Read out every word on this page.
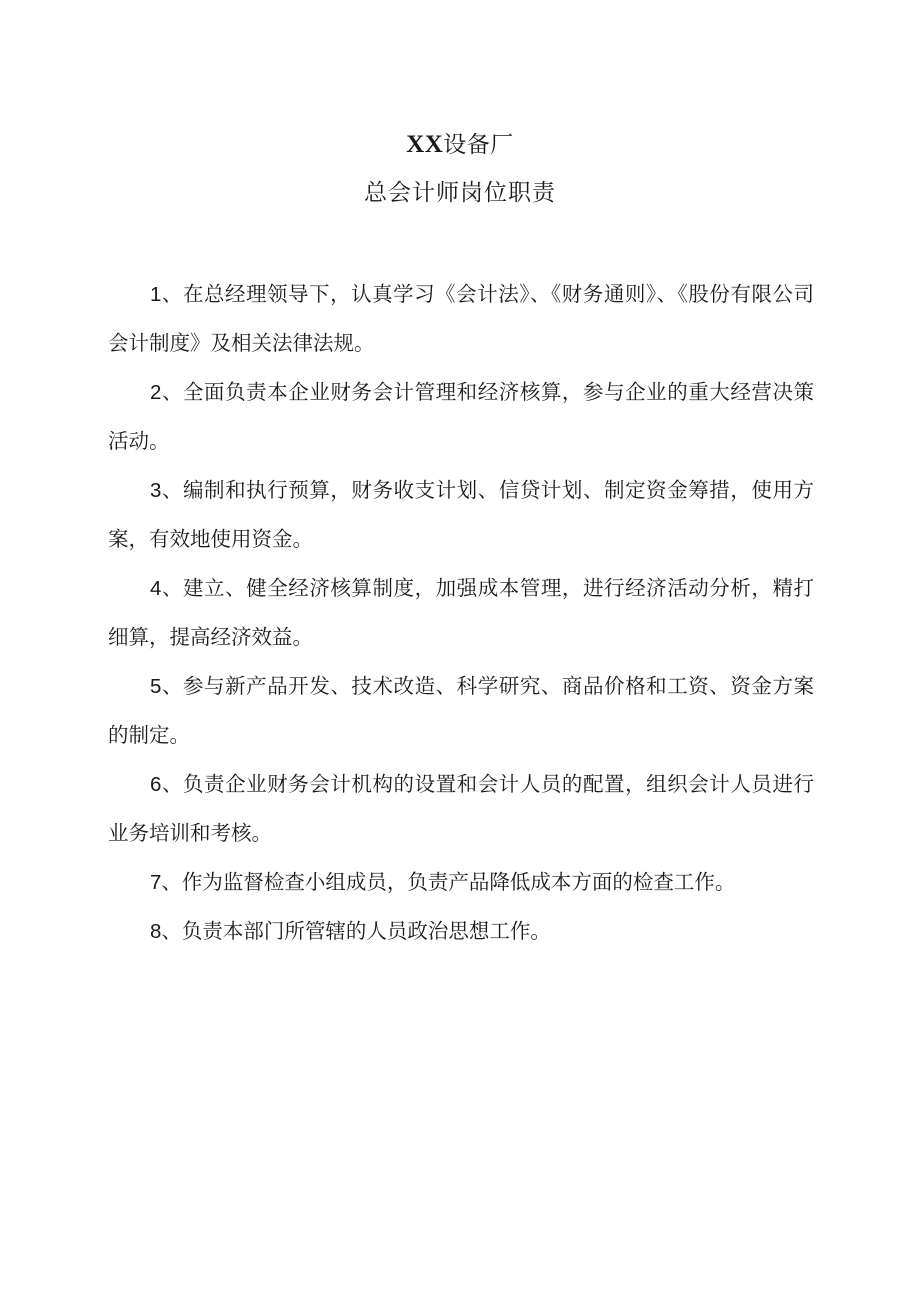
XX设备厂
总会计师岗位职责

1、在总经理领导下，认真学习《会计法》、《财务通则》、《股份有限公司会计制度》及相关法律法规。

2、全面负责本企业财务会计管理和经济核算，参与企业的重大经营决策活动。

3、编制和执行预算，财务收支计划、信贷计划、制定资金筹措，使用方案，有效地使用资金。

4、建立、健全经济核算制度，加强成本管理，进行经济活动分析，精打细算，提高经济效益。

5、参与新产品开发、技术改造、科学研究、商品价格和工资、资金方案的制定。

6、负责企业财务会计机构的设置和会计人员的配置，组织会计人员进行业务培训和考核。

7、作为监督检查小组成员，负责产品降低成本方面的检查工作。

8、负责本部门所管辖的人员政治思想工作。
